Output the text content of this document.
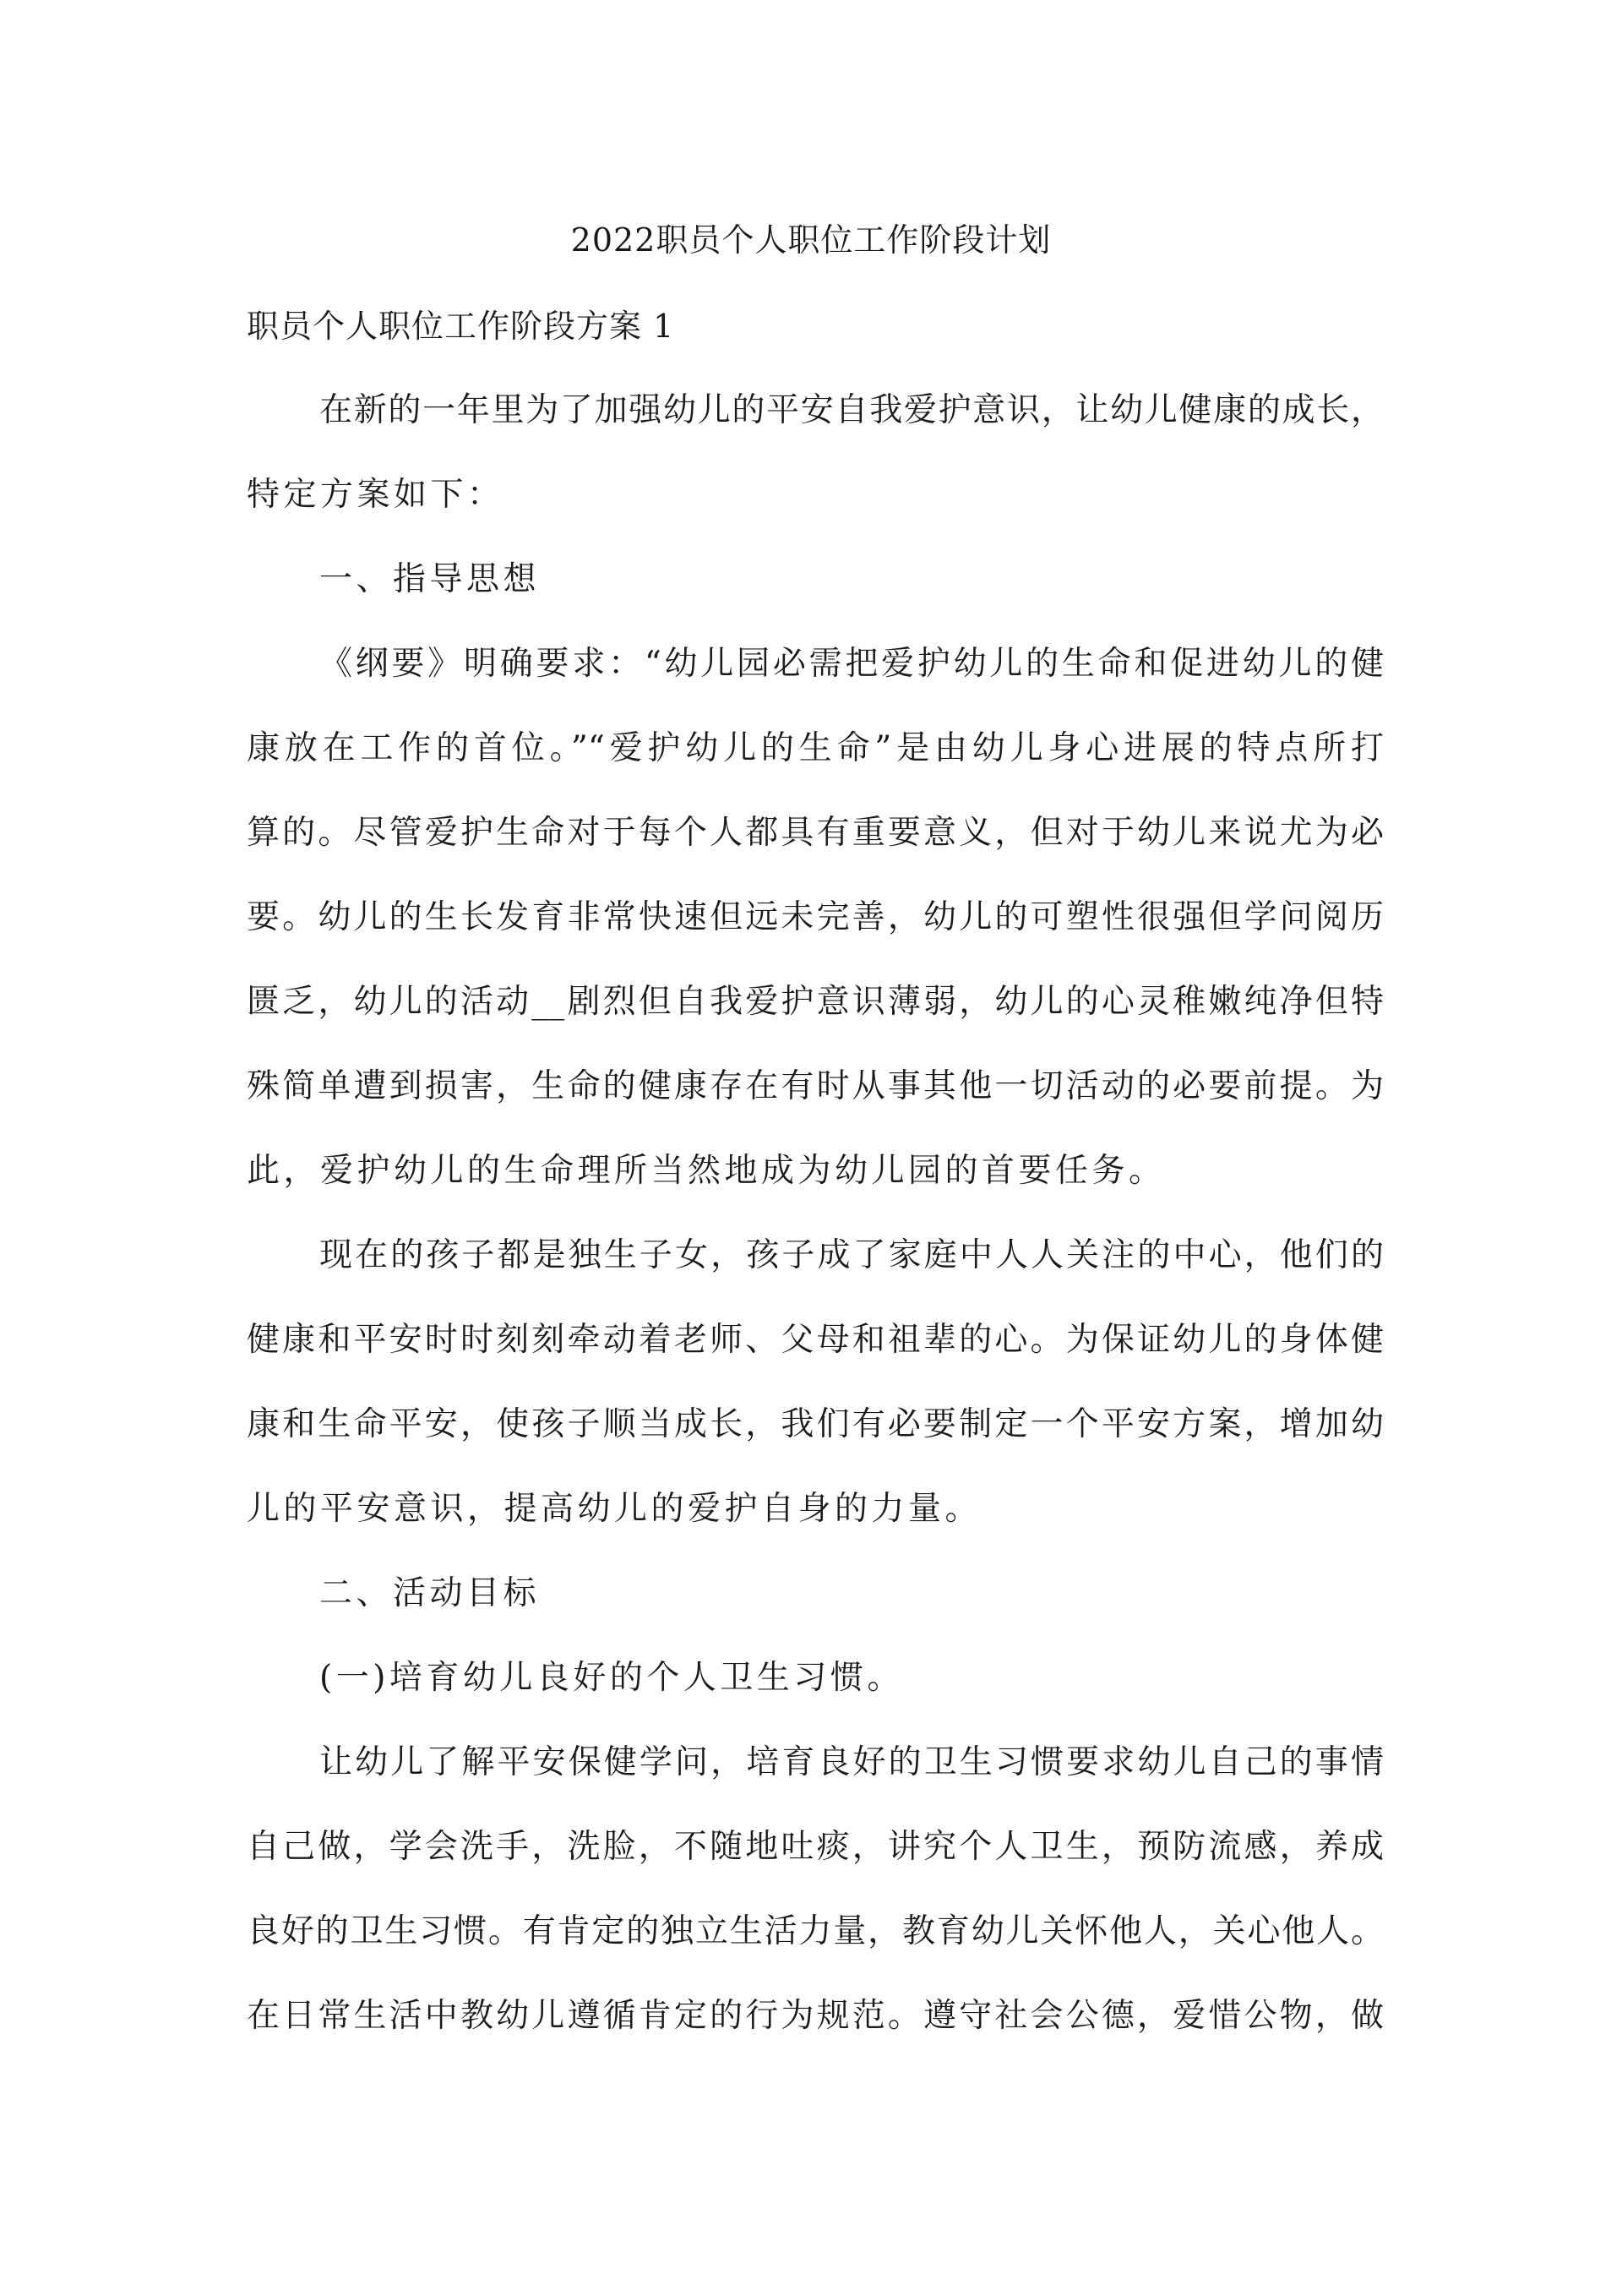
2022职员个人职位工作阶段计划

职员个人职位工作阶段方案 1

在新的一年里为了加强幼儿的平安自我爱护意识，让幼儿健康的成长，

特定方案如下：

一、指导思想

《纲要》明确要求：“幼儿园必需把爱护幼儿的生命和促进幼儿的健

康放在工作的首位。”“爱护幼儿的生命”是由幼儿身心进展的特点所打

算的。尽管爱护生命对于每个人都具有重要意义，但对于幼儿来说尤为必

要。幼儿的生长发育非常快速但远未完善，幼儿的可塑性很强但学问阅历

匮乏，幼儿的活动__剧烈但自我爱护意识薄弱，幼儿的心灵稚嫩纯净但特

殊简单遭到损害，生命的健康存在有时从事其他一切活动的必要前提。为

此，爱护幼儿的生命理所当然地成为幼儿园的首要任务。

现在的孩子都是独生子女，孩子成了家庭中人人关注的中心，他们的

健康和平安时时刻刻牵动着老师、父母和祖辈的心。为保证幼儿的身体健

康和生命平安，使孩子顺当成长，我们有必要制定一个平安方案，增加幼

儿的平安意识，提高幼儿的爱护自身的力量。

二、活动目标

(一)培育幼儿良好的个人卫生习惯。

让幼儿了解平安保健学问，培育良好的卫生习惯要求幼儿自己的事情

自己做，学会洗手，洗脸，不随地吐痰，讲究个人卫生，预防流感，养成

良好的卫生习惯。有肯定的独立生活力量，教育幼儿关怀他人，关心他人。

在日常生活中教幼儿遵循肯定的行为规范。遵守社会公德，爱惜公物，做
